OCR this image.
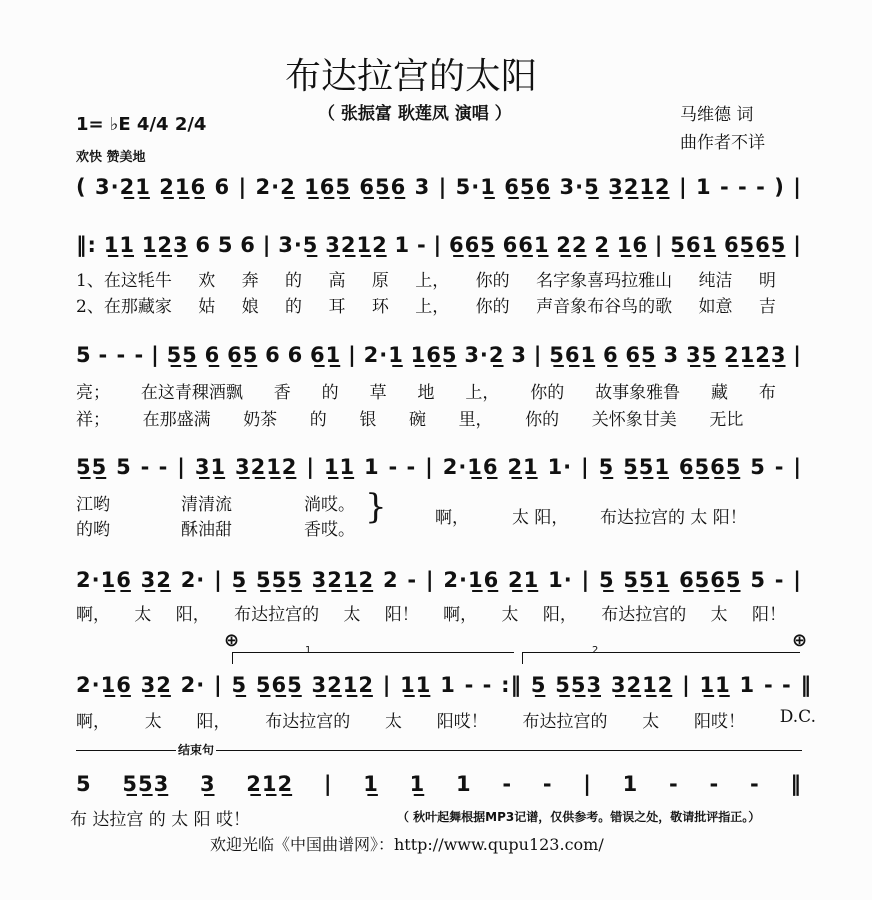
布达拉宫的太阳
（ 张振富 耿莲凤 演唱 ）	马维德 词
曲作者不详
1= ♭E 4/4 2/4
欢快 赞美地
( 3·2̲1̲ 2̲1̲6̲ 6 | 2·2̲ 1̲6̲5̲ 6̲5̲6̲ 3 | 5·1̲ 6̲5̲6̲ 3·5̲ 3̲2̲1̲2̲ | 1 - - - ) |
‖: 1̲1̲ 1̲2̲3̲ 6 5 6 | 3·5̲ 3̲2̲1̲2̲ 1 - | 6̲6̲5̲ 6̲6̲1̲ 2̲2̲ 2̲ 1̲6̲ | 5̲6̲1̲ 6̲5̲6̲5̲ |
1、在这牦牛 欢 奔 的 高 原 上， 你的 名字象喜玛拉雅山 纯洁 明
2、在那藏家 姑 娘 的 耳 环 上， 你的 声音象布谷鸟的歌 如意 吉
5 - - - | 5̲5̲ 6̲ 6̲5̲ 6 6 6̲1̲ | 2·1̲ 1̲6̲5̲ 3·2̲ 3 | 5̲6̲1̲ 6̲ 6̲5̲ 3 3̲5̲ 2̲1̲2̲3̲ |
亮； 在这青稞酒飘 香 的 草 地 上， 你的 故事象雅鲁 藏 布
祥； 在那盛满 奶茶 的 银 碗 里， 你的 关怀象甘美 无比
5̲5̲ 5 - - | 3̲1̲ 3̲2̲1̲2̲ | 1̲1̲ 1 - - | 2·1̲6̲ 2̲1̲ 1· | 5̲ 5̲5̲1̲ 6̲5̲6̲5̲ 5 - |
江哟
的哟
清清流
酥油甜
淌哎。
香哎。
}	啊，	太 阳， 布达拉宫的 太 阳！
2·1̲6̲ 3̲2̲ 2· | 5̲ 5̲5̲5̲ 3̲2̲1̲2̲ 2 - | 2·1̲6̲ 2̲1̲ 1· | 5̲ 5̲5̲1̲ 6̲5̲6̲5̲ 5 - |
啊， 太 阳， 布达拉宫的 太 阳！ 啊， 太 阳， 布达拉宫的 太 阳！
⊕	⊕
1	2
2·1̲6̲ 3̲2̲ 2· | 5̲ 5̲6̲5̲ 3̲2̲1̲2̲ | 1̲1̲ 1 - - :‖ 5̲ 5̲5̲3̲ 3̲2̲1̲2̲ | 1̲1̲ 1 - - ‖
啊， 太 阳， 布达拉宫的 太 阳哎！ 布达拉宫的 太 阳哎！ D.C.
结束句
5 5̲5̲3̲ 3̲ 2̲1̲2̲ | 1̲ 1̲ 1 - - | 1 - - - ‖
布 达拉宫 的 太 阳 哎！	（ 秋叶起舞根据MP3记谱，仅供参考。错误之处，敬请批评指正。）
欢迎光临《中国曲谱网》：http://www.qupu123.com/
